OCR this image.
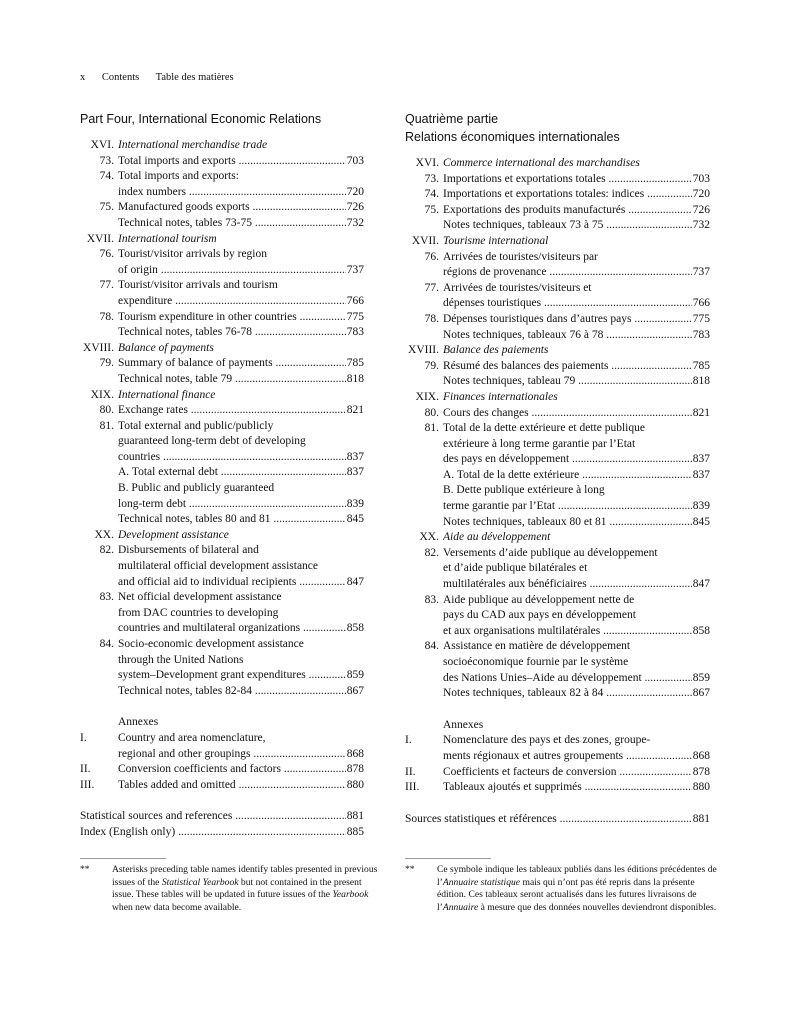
x Contents Table des matières
Part Four, International Economic Relations
XVI. International merchandise trade
73. Total imports and exports .....	703
74. Total imports and exports:
index numbers .....	720
75. Manufactured goods exports .....	726
Technical notes, tables 73-75 .....	732
XVII. International tourism
76. Tourist/visitor arrivals by region
of origin .....	737
77. Tourist/visitor arrivals and tourism
expenditure .....	766
78. Tourism expenditure in other countries .....	775
Technical notes, tables 76-78 .....	783
XVIII. Balance of payments
79. Summary of balance of payments .....	785
Technical notes, table 79 .....	818
XIX. International finance
80. Exchange rates .....	821
81. Total external and public/publicly
guaranteed long-term debt of developing
countries .....	837
A. Total external debt .....	837
B. Public and publicly guaranteed
long-term debt .....	839
Technical notes, tables 80 and 81 .....	845
XX. Development assistance
82. Disbursements of bilateral and
multilateral official development assistance
and official aid to individual recipients .....	847
83. Net official development assistance
from DAC countries to developing
countries and multilateral organizations .....	858
84. Socio-economic development assistance
through the United Nations
system–Development grant expenditures .....	859
Technical notes, tables 82-84 .....	867
Annexes
I.	Country and area nomenclature,
regional and other groupings .....	868
II.	Conversion coefficients and factors .....	878
III.	Tables added and omitted .....	880
Statistical sources and references .....	881
Index (English only) .....	885
Quatrième partie
Relations économiques internationales
XVI. Commerce international des marchandises
73. Importations et exportations totales .....	703
74. Importations et exportations totales: indices .....	720
75. Exportations des produits manufacturés .....	726
Notes techniques, tableaux 73 à 75 .....	732
XVII. Tourisme international
76. Arrivées de touristes/visiteurs par
régions de provenance .....	737
77. Arrivées de touristes/visiteurs et
dépenses touristiques .....	766
78. Dépenses touristiques dans d’autres pays .....	775
Notes techniques, tableaux 76 à 78 .....	783
XVIII. Balance des paiements
79. Résumé des balances des paiements .....	785
Notes techniques, tableau 79 .....	818
XIX. Finances internationales
80. Cours des changes .....	821
81. Total de la dette extérieure et dette publique
extérieure à long terme garantie par l’Etat
des pays en développement .....	837
A. Total de la dette extérieure .....	837
B. Dette publique extérieure à long
terme garantie par l’Etat .....	839
Notes techniques, tableaux 80 et 81 .....	845
XX. Aide au développement
82. Versements d’aide publique au développement
et d’aide publique bilatérales et
multilatérales aux bénéficiaires .....	847
83. Aide publique au développement nette de
pays du CAD aux pays en développement
et aux organisations multilatérales .....	858
84. Assistance en matière de développement
socioéconomique fournie par le système
des Nations Unies–Aide au développement .....	859
Notes techniques, tableaux 82 à 84 .....	867
Annexes
I.	Nomenclature des pays et des zones, groupe-
ments régionaux et autres groupements .....	868
II.	Coefficients et facteurs de conversion .....	878
III.	Tableaux ajoutés et supprimés .....	880
Sources statistiques et références .....	881
**	Asterisks preceding table names identify tables presented in previous issues of the Statistical Yearbook but not contained in the present issue. These tables will be updated in future issues of the Yearbook when new data become available.
**	Ce symbole indique les tableaux publiés dans les éditions précédentes de l’Annuaire statistique mais qui n’ont pas été repris dans la présente édition. Ces tableaux seront actualisés dans les futures livraisons de l’Annuaire à mesure que des données nouvelles deviendront disponibles.
